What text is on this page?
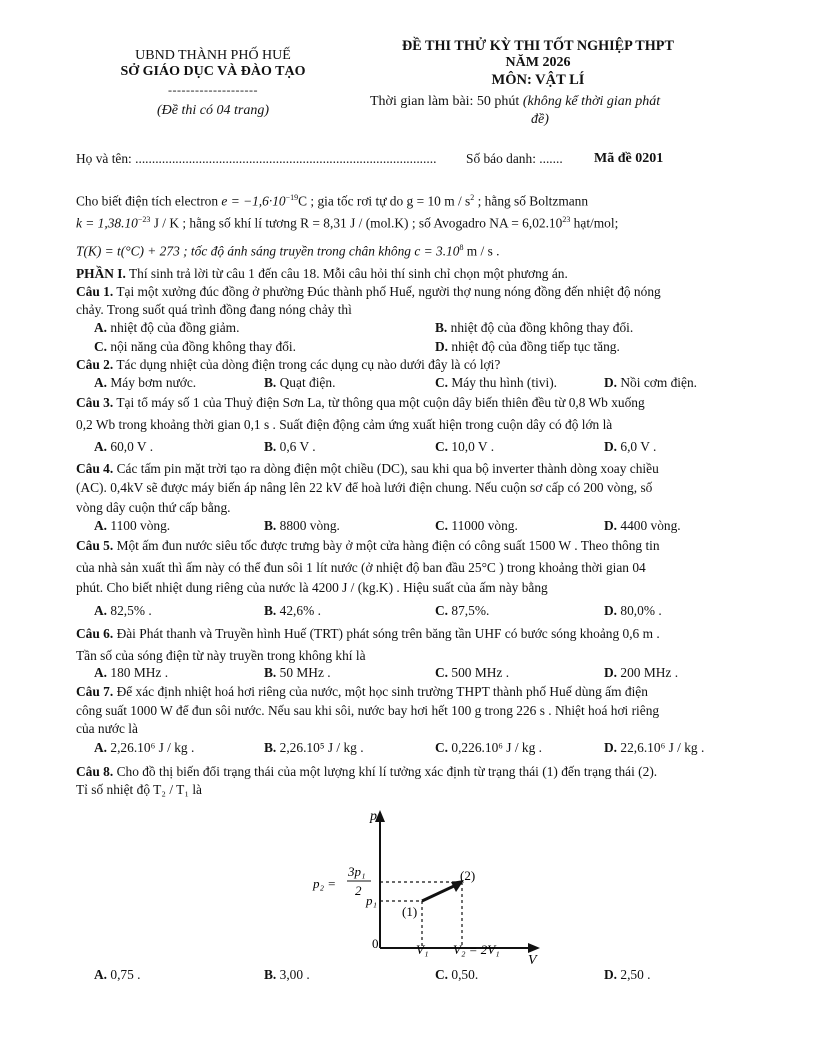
UBND THÀNH PHỐ HUẾ
SỞ GIÁO DỤC VÀ ĐÀO TẠO
--------------------
(Đề thi có 04 trang)
ĐỀ THI THỬ KỲ THI TỐT NGHIỆP THPT
NĂM 2026
MÔN: VẬT LÍ
Thời gian làm bài: 50 phút (không kể thời gian phát
đề)
Họ và tên: .......................................................................................... Số báo danh: ....... Mã đề 0201
Cho biết điện tích electron $e = -1,6\cdot 10^{-19}C$ ; gia tốc rơi tự do g = 10 m / $s^2$ ; hằng số Boltzmann
$k = 1,38.10^{-23}$ J / K ; hằng số khí lí tương R = 8,31 J / (mol.K) ; số Avogadro NA = $6,02.10^{23}$ hạt/mol;
T(K) = t(°C) + 273 ; tốc độ ánh sáng truyền trong chân không $c = 3.10^8$ m / s .
PHẦN I. Thí sinh trả lời từ câu 1 đến câu 18. Mỗi câu hỏi thí sinh chỉ chọn một phương án.
Câu 1. Tại một xưởng đúc đồng ở phường Đúc thành phố Huế, người thợ nung nóng đồng đến nhiệt độ nóng
chảy. Trong suốt quá trình đồng đang nóng chảy thì
A. nhiệt độ của đồng giảm.	B. nhiệt độ của đồng không thay đổi.
C. nội năng của đồng không thay đổi.	D. nhiệt độ của đồng tiếp tục tăng.
Câu 2. Tác dụng nhiệt của dòng điện trong các dụng cụ nào dưới đây là có lợi?
A. Máy bơm nước.	B. Quạt điện.	C. Máy thu hình (tivi).	D. Nồi cơm điện.
Câu 3. Tại tổ máy số 1 của Thuỷ điện Sơn La, từ thông qua một cuộn dây biến thiên đều từ 0,8 Wb xuống
0,2 Wb trong khoảng thời gian 0,1 s . Suất điện động cảm ứng xuất hiện trong cuộn dây có độ lớn là
A. 60,0 V .	B. 0,6 V .	C. 10,0 V .	D. 6,0 V .
Câu 4. Các tấm pin mặt trời tạo ra dòng điện một chiều (DC), sau khi qua bộ inverter thành dòng xoay chiều
(AC). 0,4kV sẽ được máy biến áp nâng lên 22 kV để hoà lưới điện chung. Nếu cuộn sơ cấp có 200 vòng, số
vòng dây cuộn thứ cấp bằng.
A. 1100 vòng.	B. 8800 vòng.	C. 11000 vòng.	D. 4400 vòng.
Câu 5. Một ấm đun nước siêu tốc được trưng bày ở một cửa hàng điện có công suất 1500 W . Theo thông tin
của nhà sản xuất thì ấm này có thể đun sôi 1 lít nước (ở nhiệt độ ban đầu 25°C ) trong khoảng thời gian 04
phút. Cho biết nhiệt dung riêng của nước là 4200 J / (kg.K) . Hiệu suất của ấm này bằng
A. 82,5% .	B. 42,6% .	C. 87,5%.	D. 80,0% .
Câu 6. Đài Phát thanh và Truyền hình Huế (TRT) phát sóng trên băng tần UHF có bước sóng khoảng 0,6 m .
Tần số của sóng điện từ này truyền trong không khí là
A. 180 MHz .	B. 50 MHz .	C. 500 MHz .	D. 200 MHz .
Câu 7. Để xác định nhiệt hoá hơi riêng của nước, một học sinh trường THPT thành phố Huế dùng ấm điện
công suất 1000 W để đun sôi nước. Nếu sau khi sôi, nước bay hơi hết 100 g trong 226 s . Nhiệt hoá hơi riêng
của nước là
A. 2,26.10⁶ J / kg .	B. 2,26.10⁵ J / kg .	C. 0,226.10⁶ J / kg .	D. 22,6.10⁶ J / kg .
Câu 8. Cho đồ thị biến đổi trạng thái của một lượng khí lí tưởng xác định từ trạng thái (1) đến trạng thái (2).
Tỉ số nhiệt độ T₂ / T₁ là
p
V
0
p₂ =
3p₁
2
p₁
V₁ V₂ = 2V₁
(1)
(2)
A. 0,75 .	B. 3,00 .	C. 0,50.	D. 2,50 .
